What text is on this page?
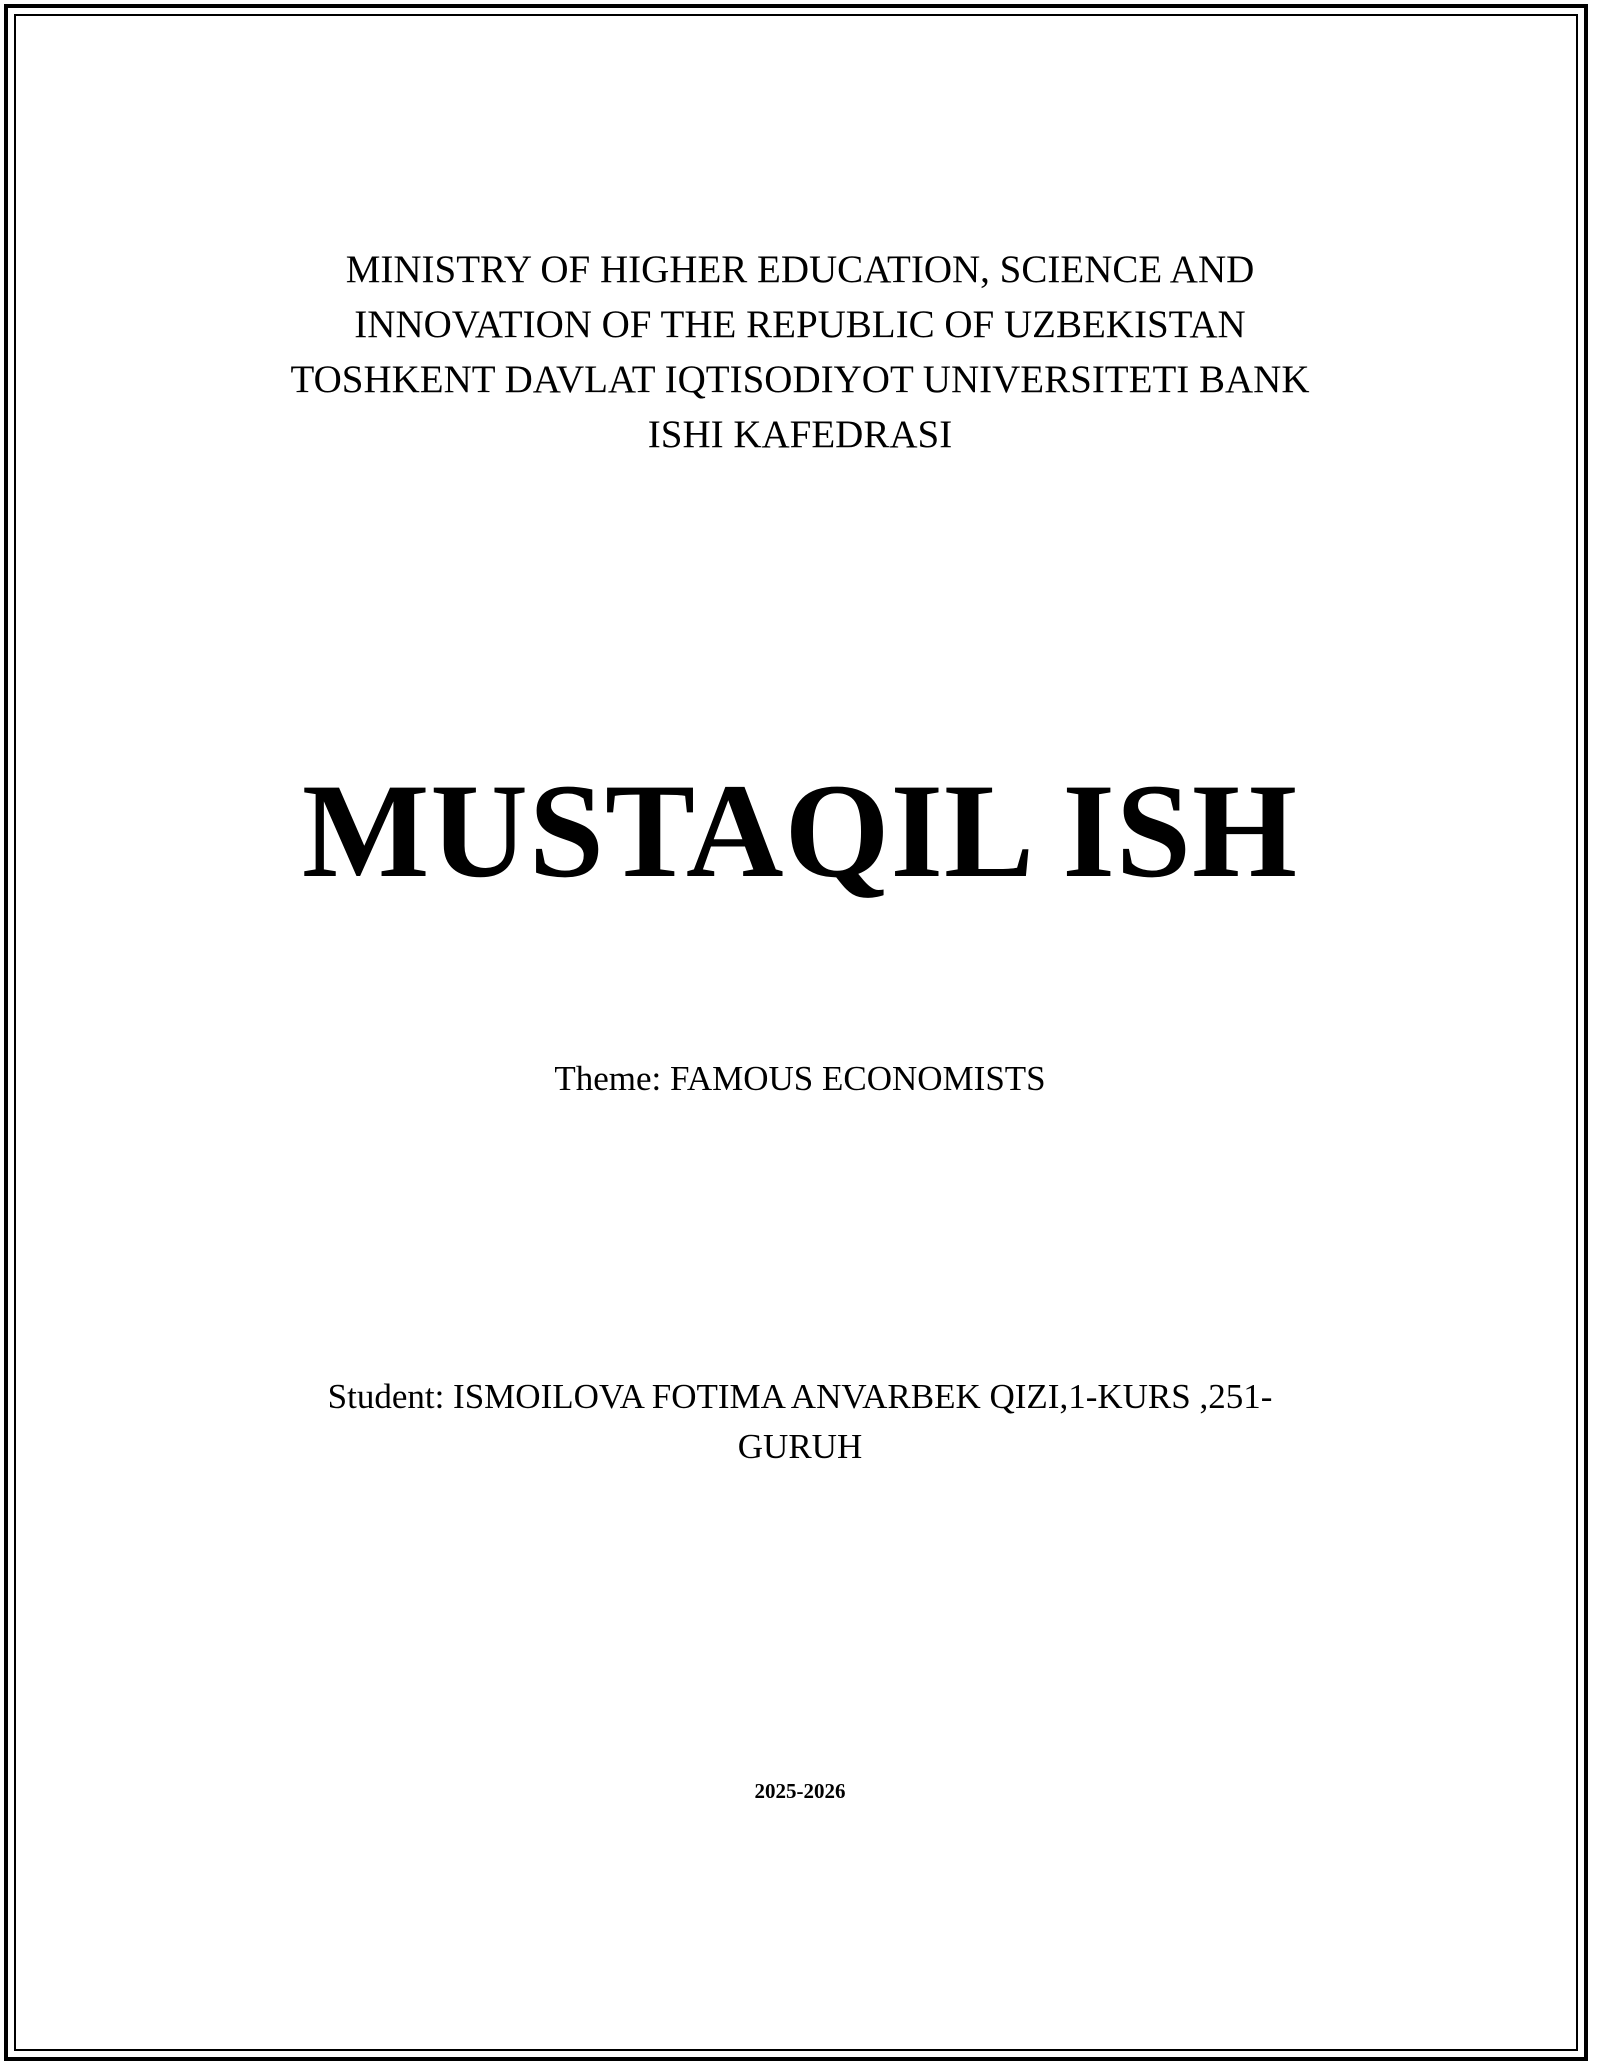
MINISTRY OF HIGHER EDUCATION, SCIENCE AND
INNOVATION OF THE REPUBLIC OF UZBEKISTAN
TOSHKENT DAVLAT IQTISODIYOT UNIVERSITETI BANK
ISHI KAFEDRASI
MUSTAQIL ISH
Theme: FAMOUS ECONOMISTS
Student: ISMOILOVA FOTIMA ANVARBEK QIZI,1-KURS ,251-
GURUH
2025-2026
